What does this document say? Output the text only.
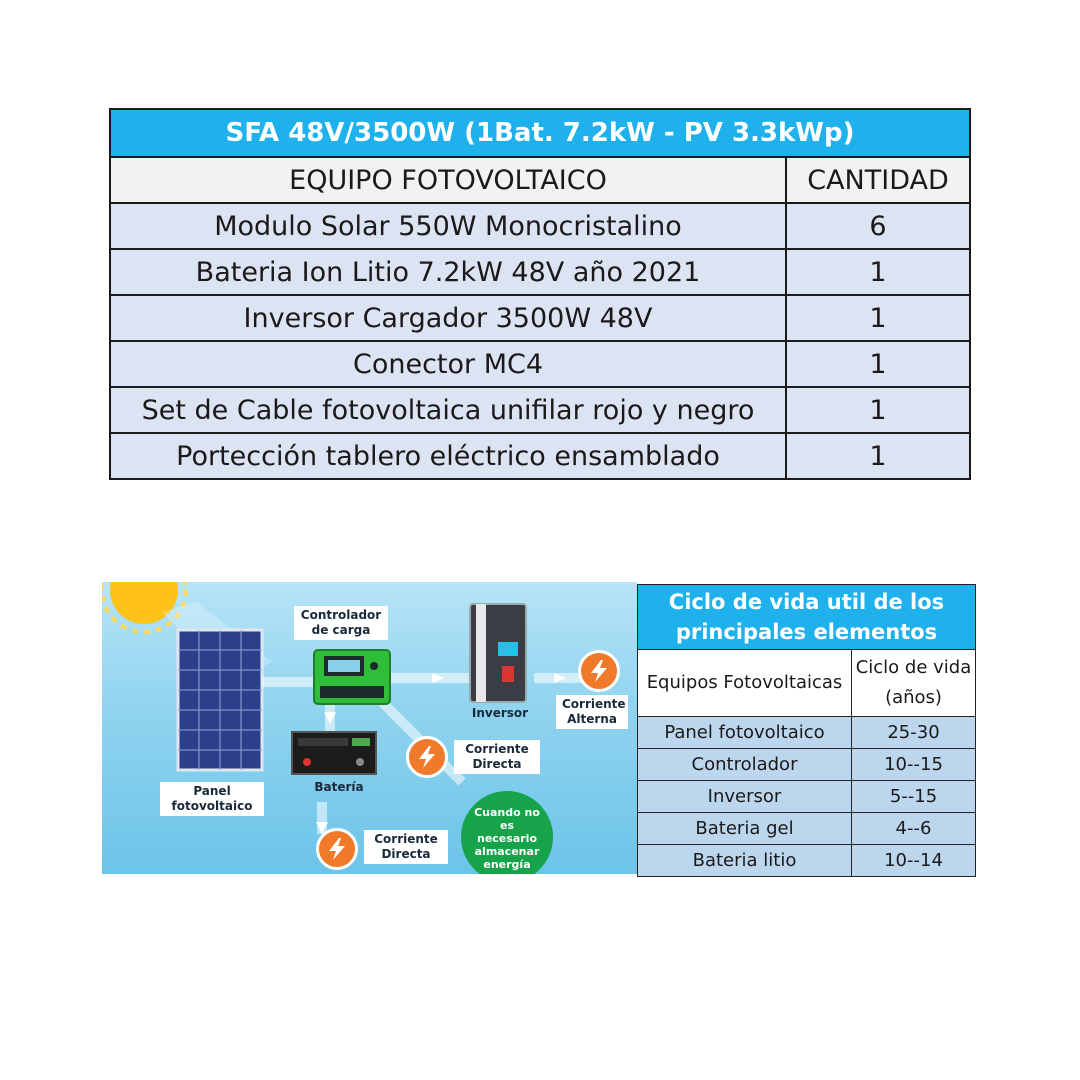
SFA 48V/3500W (1Bat. 7.2kW - PV 3.3kWp)	
EQUIPO FOTOVOLTAICO	CANTIDAD
Modulo Solar 550W Monocristalino	6
Bateria Ion Litio 7.2kW 48V año 2021	1
Inversor Cargador 3500W 48V	1
Conector MC4	1
Set de Cable fotovoltaica unifilar rojo y negro	1
Portección tablero eléctrico ensamblado	1
Controlador de carga
Inversor
Corriente Alterna
Corriente Directa
Batería
Panel fotovoltaico
Corriente Directa
Cuando no es necesario almacenar energía
Ciclo de vida util de los principales elementos	
Equipos Fotovoltaicas	Ciclo de vida (años)
Panel fotovoltaico	25-30
Controlador	10--15
Inversor	5--15
Bateria gel	4--6
Bateria litio	10--14
